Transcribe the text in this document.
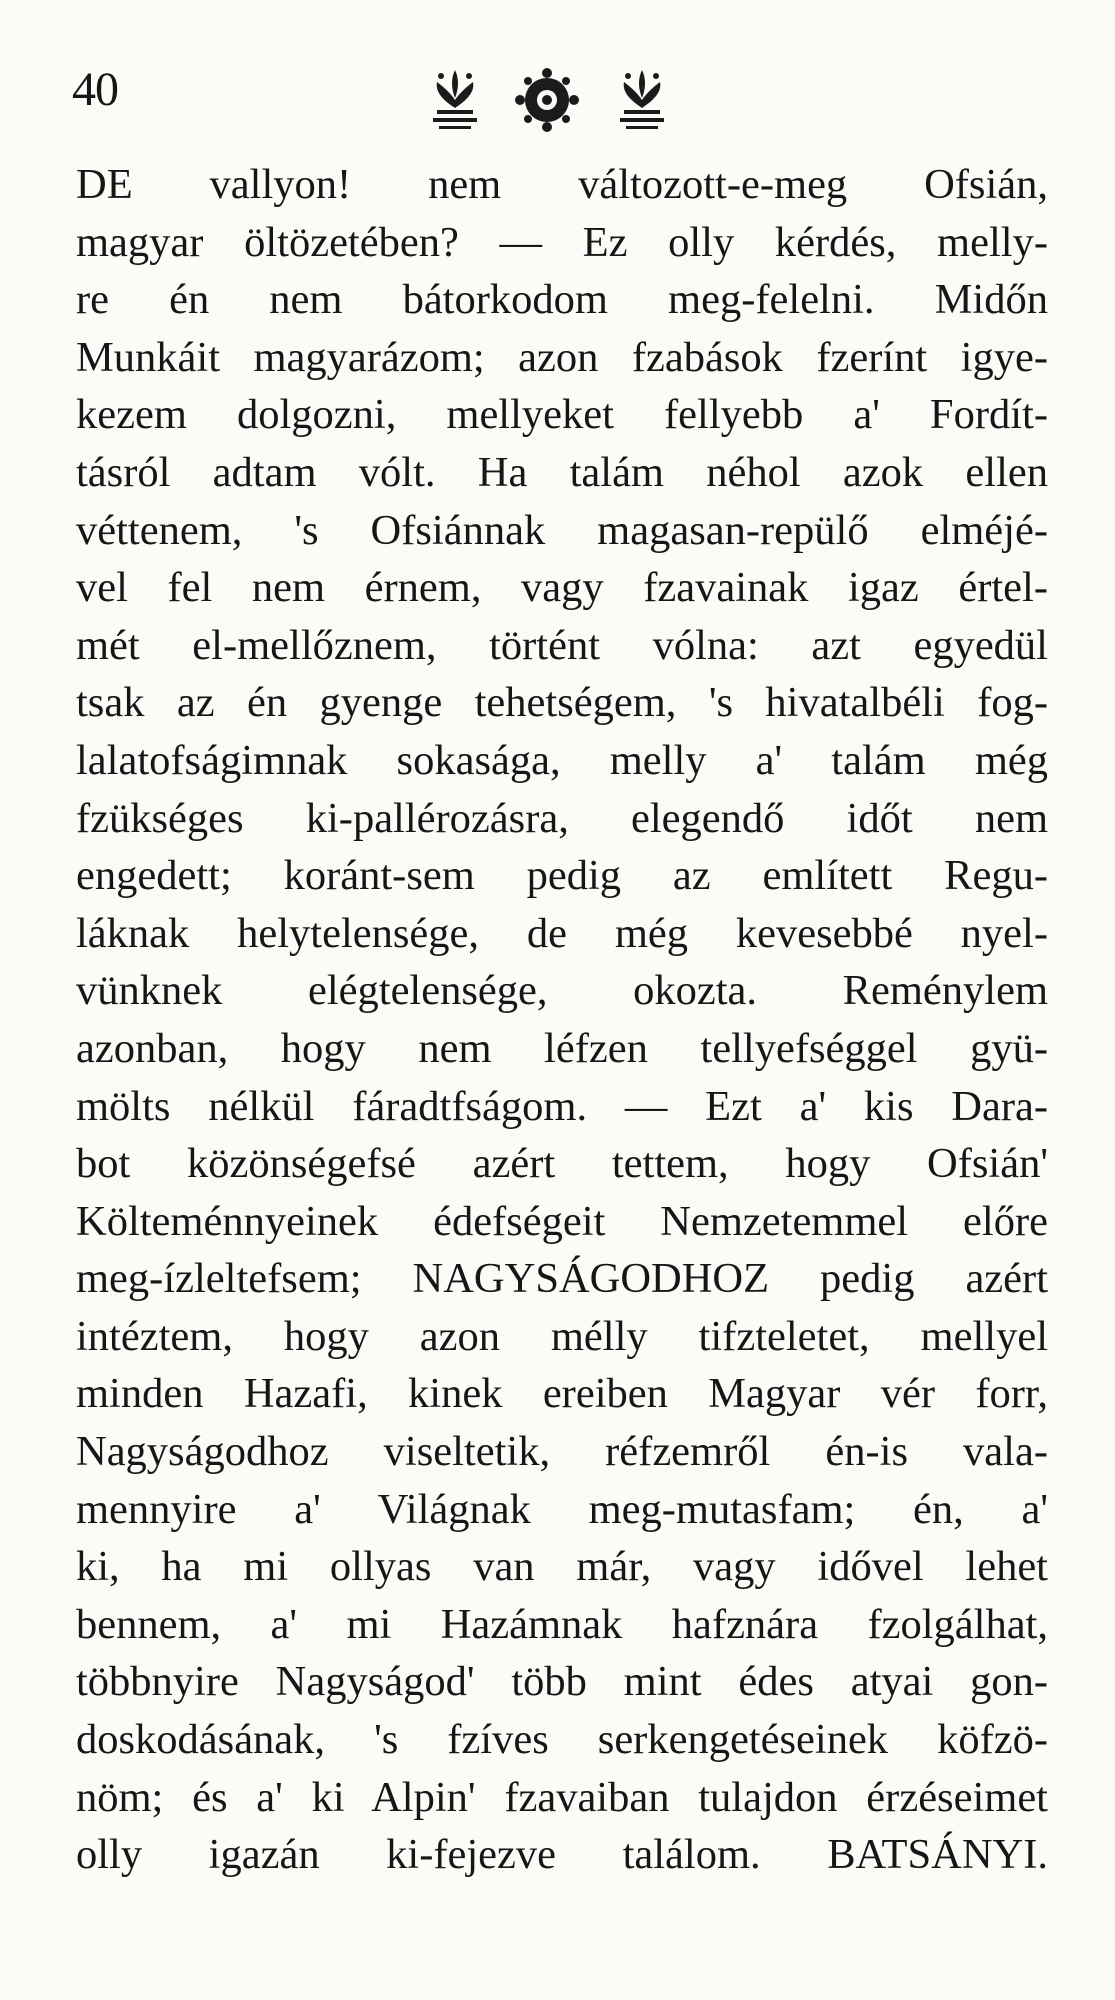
40
DE vallyon! nem változott-e-meg Ofsián,
magyar öltözetében? — Ez olly kérdés, melly-
re én nem bátorkodom meg-felelni. Midőn
Munkáit magyarázom; azon fzabások fzerínt igye-
kezem dolgozni, mellyeket fellyebb a' Fordít-
tásról adtam vólt. Ha talám néhol azok ellen
véttenem, 's Ofsiánnak magasan-repülő elméjé-
vel fel nem érnem, vagy fzavainak igaz értel-
mét el-mellőznem, történt vólna: azt egyedül
tsak az én gyenge tehetségem, 's hivatalbéli fog-
lalatofságimnak sokasága, melly a' talám még
fzükséges ki-pallérozásra, elegendő időt nem
engedett; koránt-sem pedig az említett Regu-
láknak helytelensége, de még kevesebbé nyel-
vünknek elégtelensége, okozta. Reménylem
azonban, hogy nem léfzen tellyefséggel gyü-
mölts nélkül fáradtfságom. — Ezt a' kis Dara-
bot közönségefsé azért tettem, hogy Ofsián'
Költeménnyeinek édefségeit Nemzetemmel előre
meg-ízleltefsem; NAGYSÁGODHOZ pedig azért
intéztem, hogy azon mélly tifzteletet, mellyel
minden Hazafi, kinek ereiben Magyar vér forr,
Nagyságodhoz viseltetik, réfzemről én-is vala-
mennyire a' Világnak meg-mutasfam; én, a'
ki, ha mi ollyas van már, vagy idővel lehet
bennem, a' mi Hazámnak hafznára fzolgálhat,
többnyire Nagyságod' több mint édes atyai gon-
doskodásának, 's fzíves serkengetéseinek köfzö-
nöm; és a' ki Alpin' fzavaiban tulajdon érzéseimet
olly igazán ki-fejezve találom. BATSÁNYI.
